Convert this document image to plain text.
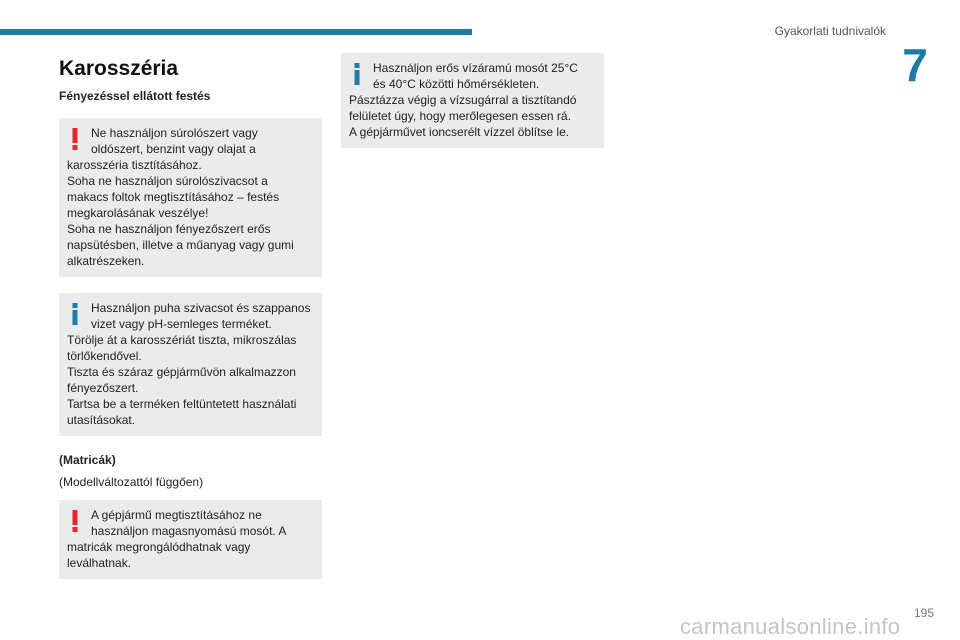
Gyakorlati tudnivalók
7
Karosszéria
Fényezéssel ellátott festés
Ne használjon súrolószert vagy
oldószert, benzint vagy olajat a
karosszéria tisztításához.
Soha ne használjon súrolószivacsot a
makacs foltok megtisztításához – festés
megkarolásának veszélye!
Soha ne használjon fényezőszert erős
napsütésben, illetve a műanyag vagy gumi
alkatrészeken.
Használjon puha szivacsot és szappanos
vizet vagy pH-semleges terméket.
Törölje át a karosszériát tiszta, mikroszálas
törlőkendővel.
Tiszta és száraz gépjárművön alkalmazzon
fényezőszert.
Tartsa be a terméken feltüntetett használati
utasításokat.
(Matricák)
(Modellváltozattól függően)
A gépjármű megtisztításához ne
használjon magasnyomású mosót. A
matricák megrongálódhatnak vagy
leválhatnak.
Használjon erős vízáramú mosót 25°C
és 40°C közötti hőmérsékleten.
Pásztázza végig a vízsugárral a tisztítandó
felületet úgy, hogy merőlegesen essen rá.
A gépjárművet ioncserélt vízzel öblítse le.
195
carmanualsonline.info
